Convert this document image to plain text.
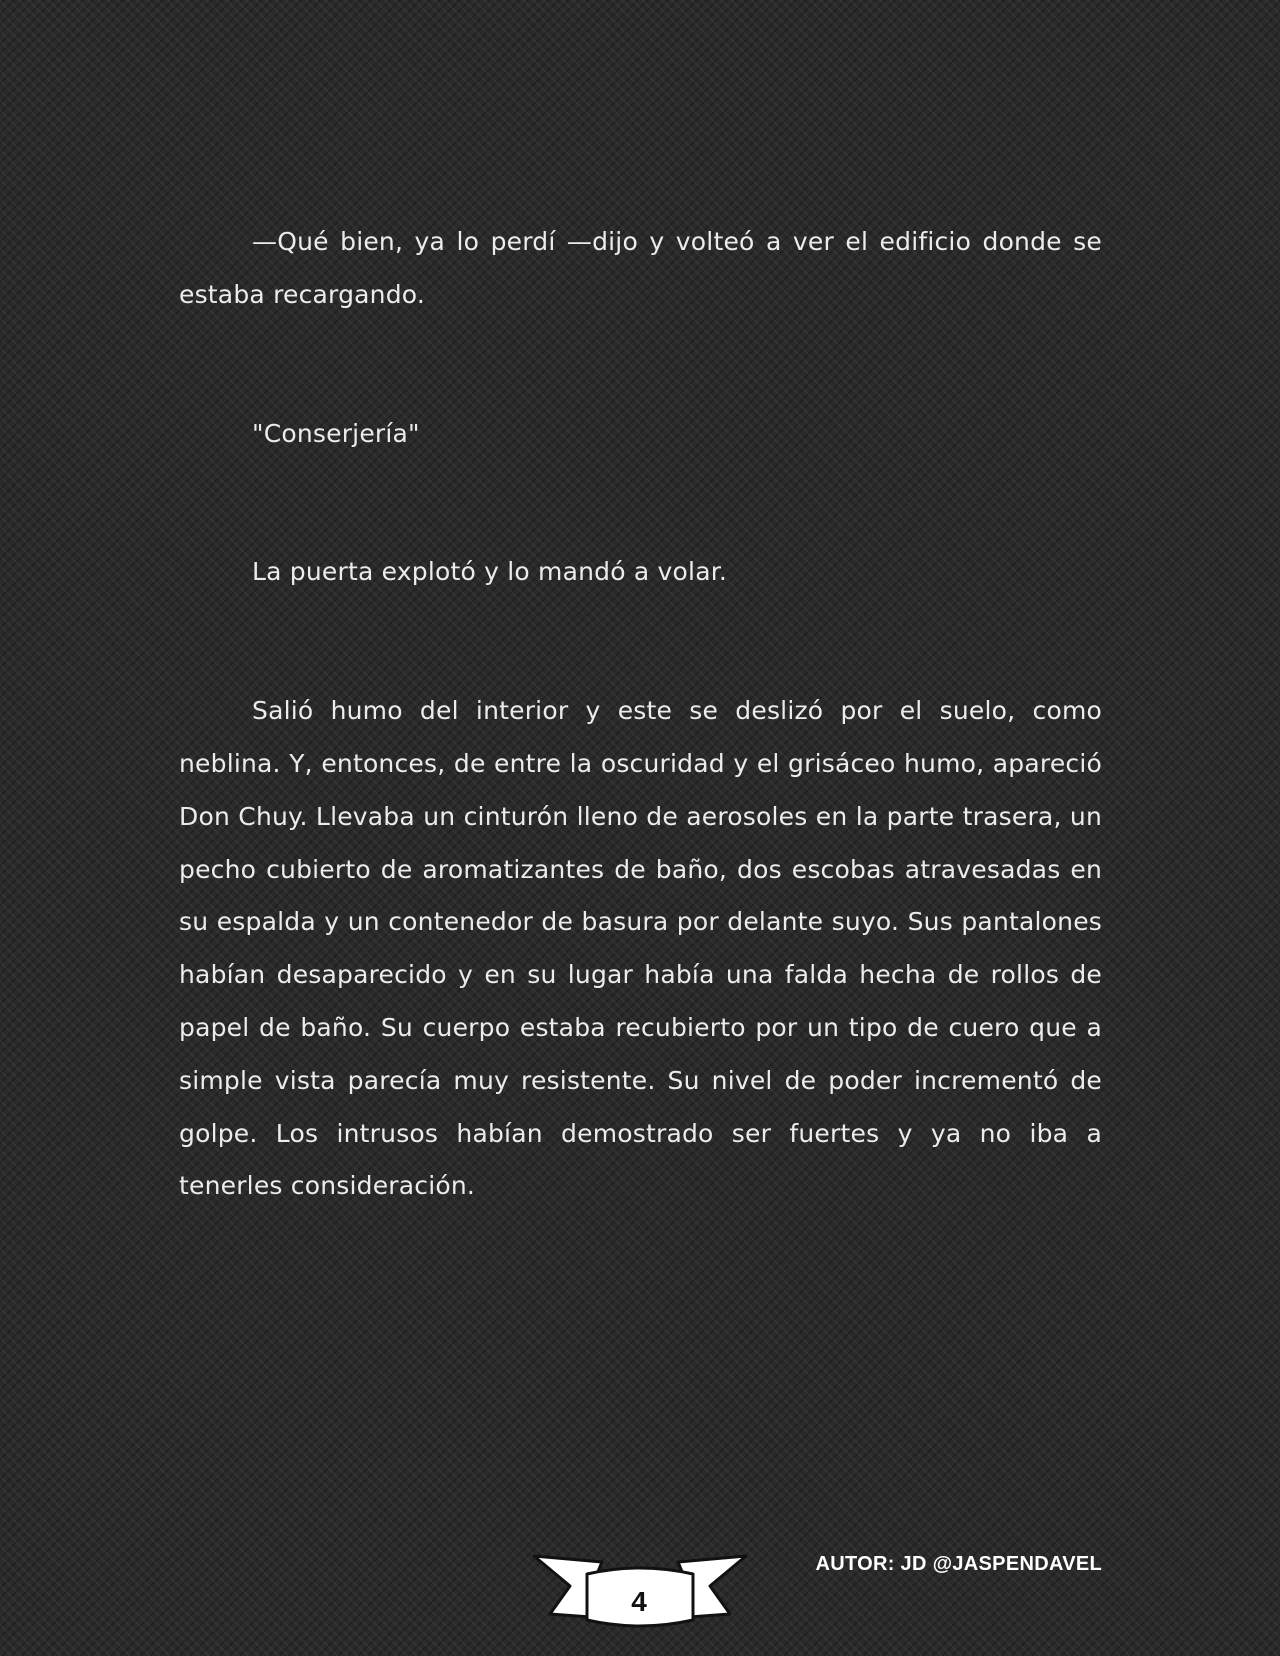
—Qué bien, ya lo perdí —dijo y volteó a ver el edificio donde se estaba recargando.

"Conserjería"

La puerta explotó y lo mandó a volar.

Salió humo del interior y este se deslizó por el suelo, como neblina. Y, entonces, de entre la oscuridad y el grisáceo humo, apareció Don Chuy. Llevaba un cinturón lleno de aerosoles en la parte trasera, un pecho cubierto de aromatizantes de baño, dos escobas atravesadas en su espalda y un contenedor de basura por delante suyo. Sus pantalones habían desaparecido y en su lugar había una falda hecha de rollos de papel de baño. Su cuerpo estaba recubierto por un tipo de cuero que a simple vista parecía muy resistente. Su nivel de poder incrementó de golpe. Los intrusos habían demostrado ser fuertes y ya no iba a tenerles consideración.

4
AUTOR: JD @JASPENDAVEL
